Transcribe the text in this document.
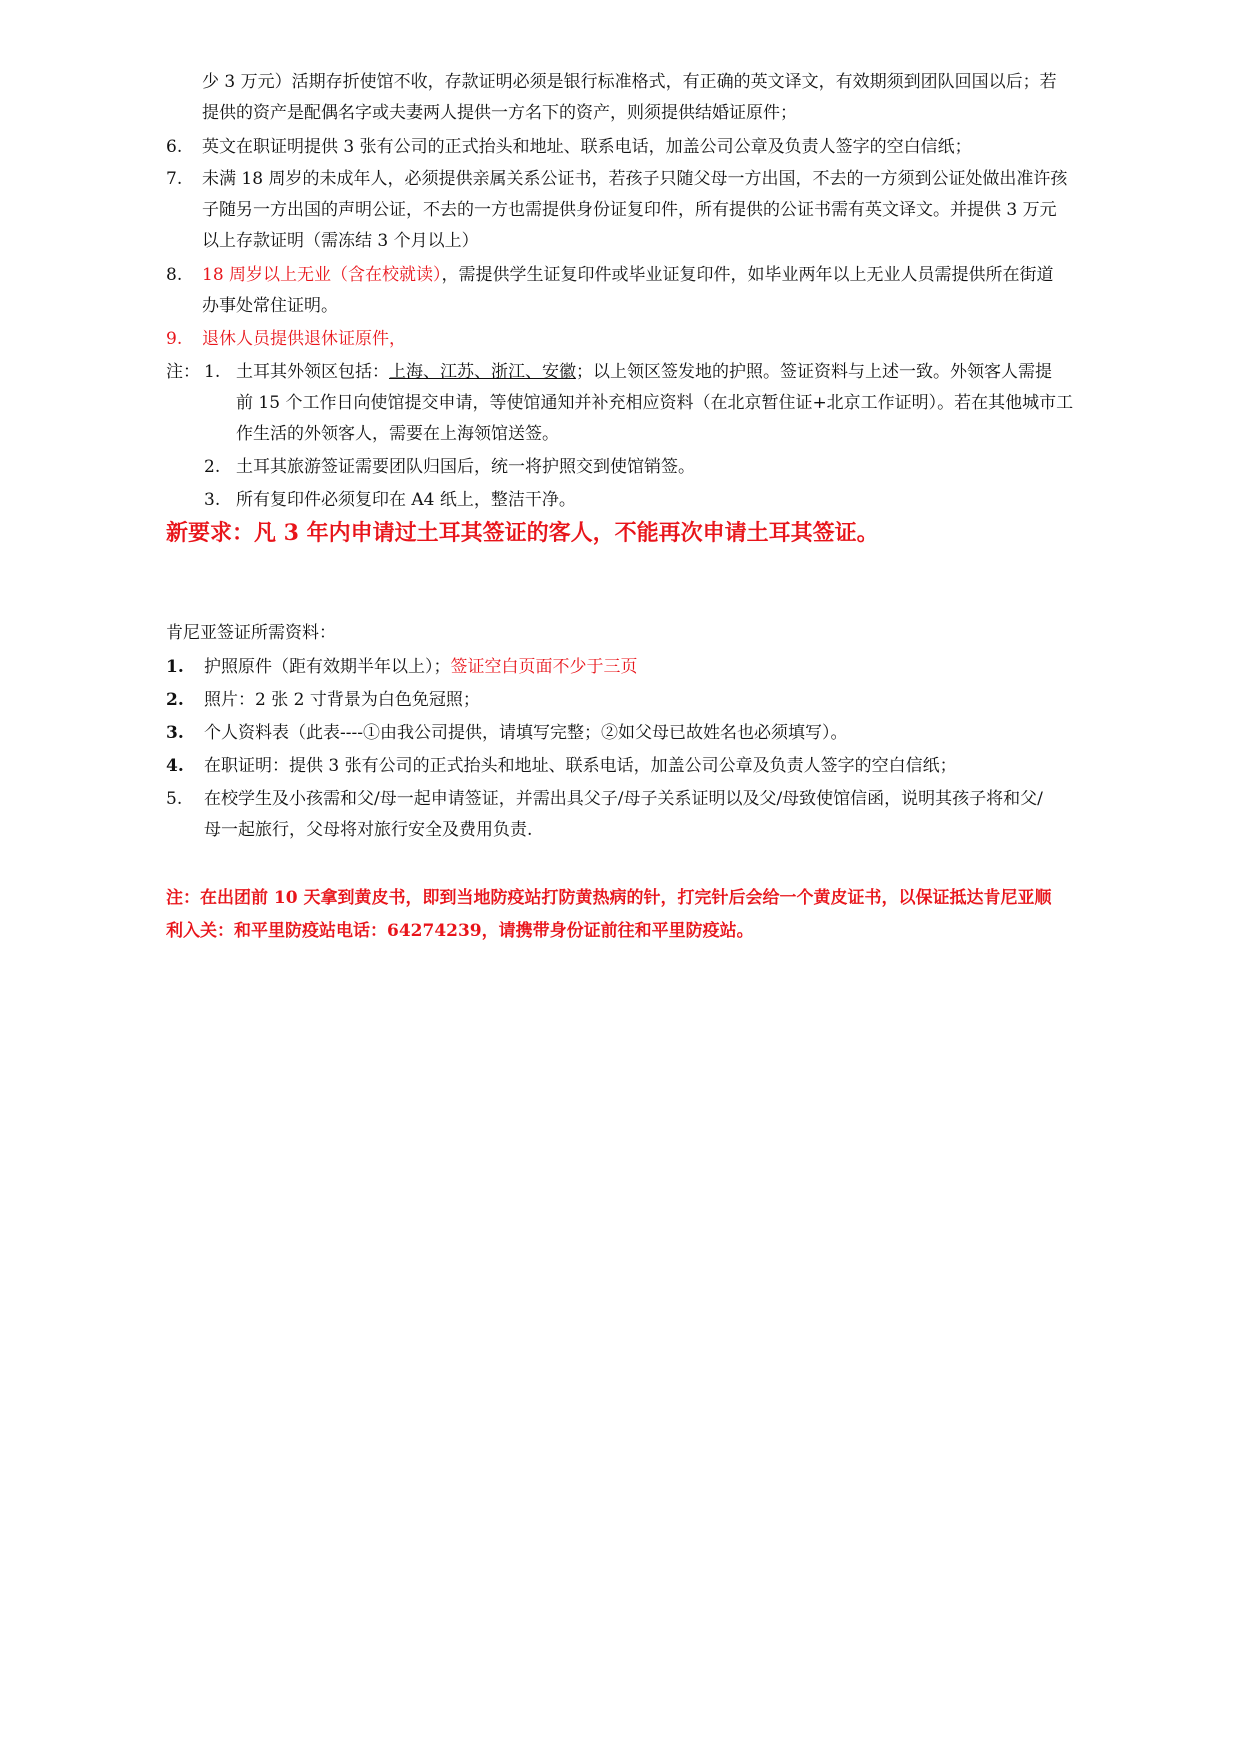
少 3 万元）活期存折使馆不收，存款证明必须是银行标准格式，有正确的英文译文，有效期须到团队回国以后；若
提供的资产是配偶名字或夫妻两人提供一方名下的资产，则须提供结婚证原件；
6. 英文在职证明提供 3 张有公司的正式抬头和地址、联系电话，加盖公司公章及负责人签字的空白信纸；
7. 未满 18 周岁的未成年人，必须提供亲属关系公证书，若孩子只随父母一方出国，不去的一方须到公证处做出准许孩
子随另一方出国的声明公证，不去的一方也需提供身份证复印件，所有提供的公证书需有英文译文。并提供 3 万元
以上存款证明（需冻结 3 个月以上）
8. 18 周岁以上无业（含在校就读），需提供学生证复印件或毕业证复印件，如毕业两年以上无业人员需提供所在街道
办事处常住证明。
9. 退休人员提供退休证原件，
注： 1. 土耳其外领区包括：上海、江苏、浙江、安徽；以上领区签发地的护照。签证资料与上述一致。外领客人需提
前 15 个工作日向使馆提交申请，等使馆通知并补充相应资料（在北京暂住证+北京工作证明）。若在其他城市工
作生活的外领客人，需要在上海领馆送签。
2. 土耳其旅游签证需要团队归国后，统一将护照交到使馆销签。
3. 所有复印件必须复印在 A4 纸上，整洁干净。
新要求：凡 3 年内申请过土耳其签证的客人，不能再次申请土耳其签证。
肯尼亚签证所需资料：
1. 护照原件（距有效期半年以上）；签证空白页面不少于三页
2. 照片：2 张 2 寸背景为白色免冠照；
3. 个人资料表（此表----①由我公司提供，请填写完整；②如父母已故姓名也必须填写）。
4. 在职证明：提供 3 张有公司的正式抬头和地址、联系电话，加盖公司公章及负责人签字的空白信纸；
5. 在校学生及小孩需和父/母一起申请签证，并需出具父子/母子关系证明以及父/母致使馆信函，说明其孩子将和父/
母一起旅行，父母将对旅行安全及费用负责.
注：在出团前 10 天拿到黄皮书，即到当地防疫站打防黄热病的针，打完针后会给一个黄皮证书，以保证抵达肯尼亚顺
利入关：和平里防疫站电话：64274239，请携带身份证前往和平里防疫站。
